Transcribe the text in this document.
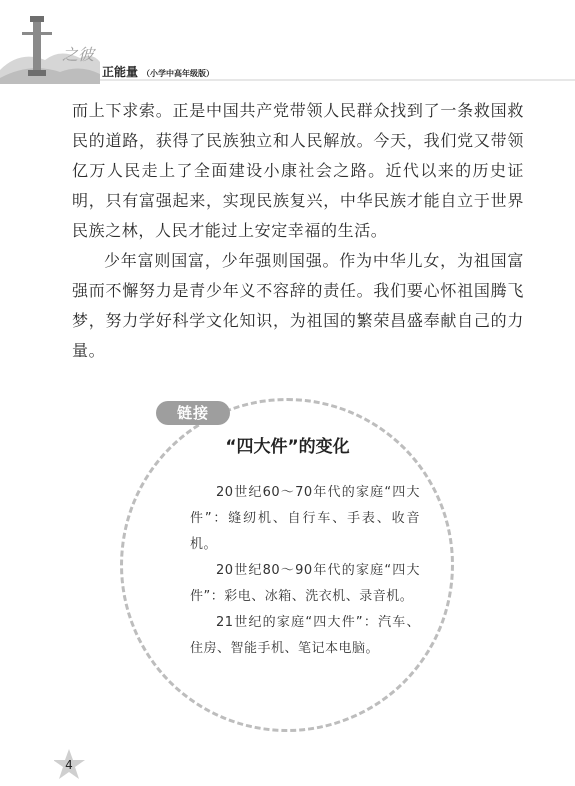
之彼
正能量 （小学中高年级版）

而上下求索。正是中国共产党带领人民群众找到了一条救国救民的道路，获得了民族独立和人民解放。今天，我们党又带领亿万人民走上了全面建设小康社会之路。近代以来的历史证明，只有富强起来，实现民族复兴，中华民族才能自立于世界民族之林，人民才能过上安定幸福的生活。

少年富则国富，少年强则国强。作为中华儿女，为祖国富强而不懈努力是青少年义不容辞的责任。我们要心怀祖国腾飞梦，努力学好科学文化知识，为祖国的繁荣昌盛奉献自己的力量。

链接
“四大件”的变化

20世纪60～70年代的家庭“四大件”：缝纫机、自行车、手表、收音机。

20世纪80～90年代的家庭“四大件”：彩电、冰箱、洗衣机、录音机。

21世纪的家庭“四大件”：汽车、住房、智能手机、笔记本电脑。

4
